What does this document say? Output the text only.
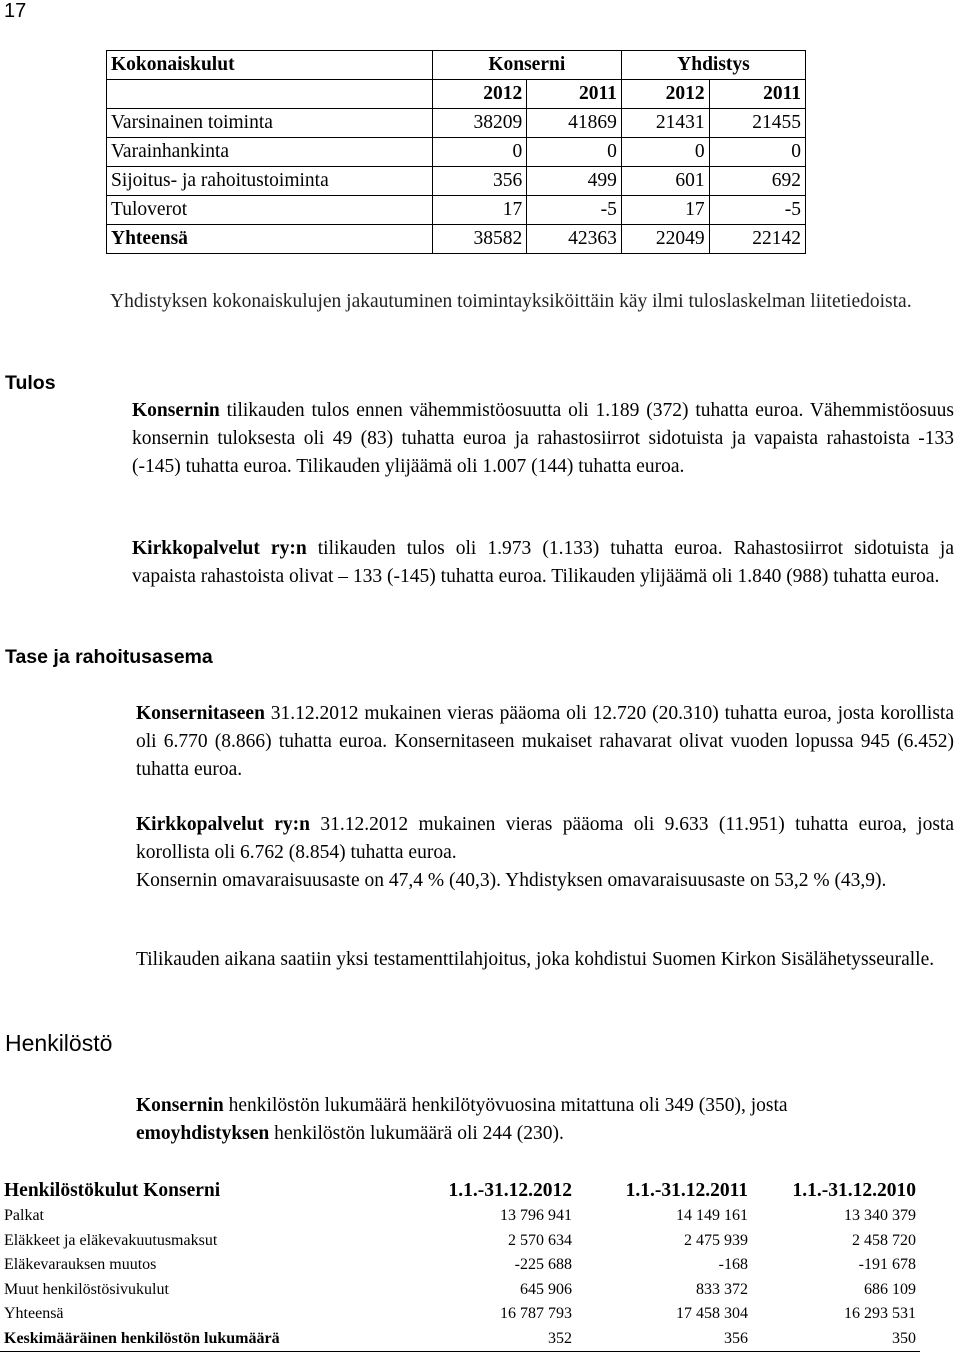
17
Kokonaiskulut	Konserni		Yhdistys	
	2012	2011	2012	2011
Varsinainen toiminta	38209	41869	21431	21455
Varainhankinta	0	0	0	0
Sijoitus- ja rahoitustoiminta	356	499	601	692
Tuloverot	17	-5	17	-5
Yhteensä	38582	42363	22049	22142
Yhdistyksen kokonaiskulujen jakautuminen toimintayksiköittäin käy ilmi tuloslaskelman liitetiedoista.
Tulos
Konsernin tilikauden tulos ennen vähemmistöosuutta oli 1.189 (372) tuhatta euroa. Vähemmistöosuus konsernin tuloksesta oli 49 (83) tuhatta euroa ja rahastosiirrot sidotuista ja vapaista rahastoista -133 (-145) tuhatta euroa. Tilikauden ylijäämä oli 1.007 (144) tuhatta euroa.
Kirkkopalvelut ry:n tilikauden tulos oli 1.973 (1.133) tuhatta euroa. Rahastosiirrot sidotuista ja vapaista rahastoista olivat – 133 (-145) tuhatta euroa. Tilikauden ylijäämä oli 1.840 (988) tuhatta euroa.
Tase ja rahoitusasema
Konsernitaseen 31.12.2012 mukainen vieras pääoma oli 12.720 (20.310) tuhatta euroa, josta korollista oli 6.770 (8.866) tuhatta euroa. Konsernitaseen mukaiset rahavarat olivat vuoden lopussa 945 (6.452) tuhatta euroa.
Kirkkopalvelut ry:n 31.12.2012 mukainen vieras pääoma oli 9.633 (11.951) tuhatta euroa, josta korollista oli 6.762 (8.854) tuhatta euroa.
Konsernin omavaraisuusaste on 47,4 % (40,3). Yhdistyksen omavaraisuusaste on 53,2 % (43,9).
Tilikauden aikana saatiin yksi testamenttilahjoitus, joka kohdistui Suomen Kirkon Sisälähetysseuralle.
Henkilöstö
Konsernin henkilöstön lukumäärä henkilötyövuosina mitattuna oli 349 (350), josta
emoyhdistyksen henkilöstön lukumäärä oli 244 (230).
Henkilöstökulut Konserni	1.1.-31.12.2012	1.1.-31.12.2011	1.1.-31.12.2010
Palkat	13 796 941	14 149 161	13 340 379
Eläkkeet ja eläkevakuutusmaksut	2 570 634	2 475 939	2 458 720
Eläkevarauksen muutos	-225 688	-168	-191 678
Muut henkilöstösivukulut	645 906	833 372	686 109
Yhteensä	16 787 793	17 458 304	16 293 531
Keskimääräinen henkilöstön lukumäärä	352	356	350
